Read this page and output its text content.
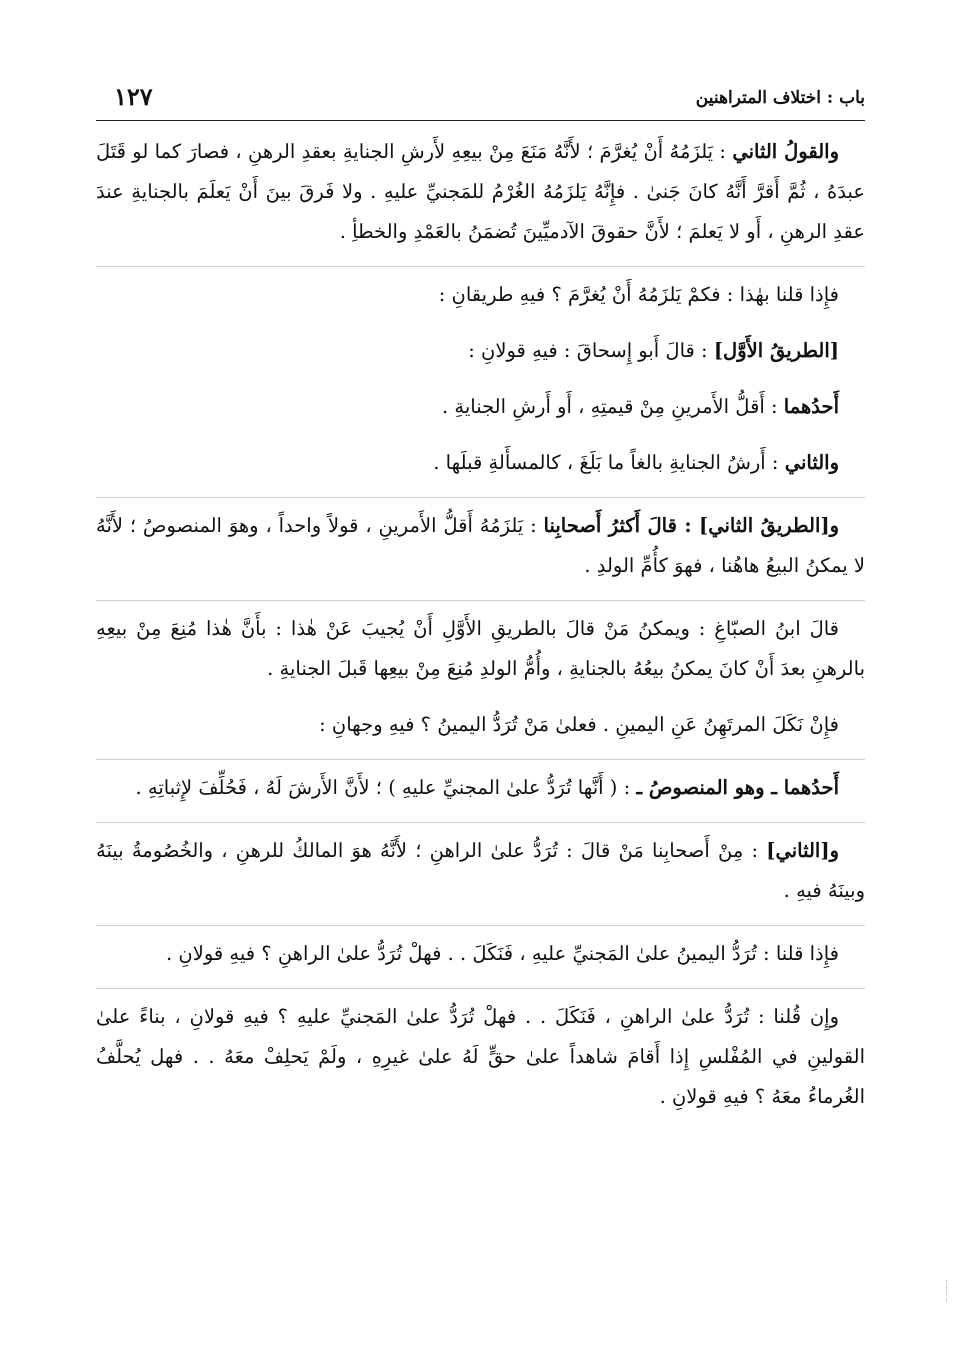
باب : اختلاف المتراهنين
١٢٧

والقولُ الثاني : يَلزَمُهُ أَنْ يُغرَّمَ ؛ لأَنَّهُ مَنَعَ مِنْ بيعِهِ لأَرشِ الجنايةِ بعقدِ الرهنِ ، فصارَ كما لو قَتَلَ عبدَهُ ، ثُمَّ أَقرَّ أَنَّهُ كانَ جَنىٰ . فإِنَّهُ يَلزَمُهُ الغُرْمُ للمَجنيِّ عليهِ . ولا فَرقَ بينَ أَنْ يَعلَمَ بالجنايةِ عندَ عقدِ الرهنِ ، أَو لا يَعلمَ ؛ لأَنَّ حقوقَ الآدميِّينَ تُضمَنُ بالعَمْدِ والخطأِ .

فإِذا قلنا بهٰذا : فكمْ يَلزَمُهُ أَنْ يُغرَّمَ ؟ فيهِ طريقانِ :

[الطريقُ الأَوَّل] : قالَ أَبو إِسحاقَ : فيهِ قولانِ :

أَحدُهما : أَقلُّ الأَمرينِ مِنْ قيمتِهِ ، أَو أَرشِ الجنايةِ .

والثاني : أَرشُ الجنايةِ بالغاً ما بَلَغَ ، كالمسأَلةِ قبلَها .

و[الطريقُ الثاني] : قالَ أَكثرُ أَصحابِنا : يَلزَمُهُ أَقلُّ الأَمرينِ ، قولاً واحداً ، وهوَ المنصوصُ ؛ لأَنَّهُ لا يمكنُ البيعُ هاهُنا ، فهوَ كأُمِّ الولدِ .

قالَ ابنُ الصبّاغِ : ويمكنُ مَنْ قالَ بالطريقِ الأَوَّلِ أَنْ يُجيبَ عَنْ هٰذا : بأَنَّ هٰذا مُنِعَ مِنْ بيعِهِ بالرهنِ بعدَ أَنْ كانَ يمكنُ بيعُهُ بالجنايةِ ، وأُمُّ الولدِ مُنِعَ مِنْ بيعِها قَبلَ الجنايةِ .

فإِنْ نَكَلَ المرتَهِنُ عَنِ اليمينِ . فعلىٰ مَنْ تُرَدُّ اليمينُ ؟ فيهِ وجهانِ :

أَحدُهما ـ وهو المنصوصُ ـ : ( أَنَّها تُرَدُّ علىٰ المجنيِّ عليهِ ) ؛ لأَنَّ الأَرشَ لَهُ ، فَحُلِّفَ لإِثباتِهِ .

و[الثاني] : مِنْ أَصحابِنا مَنْ قالَ : تُرَدُّ علىٰ الراهنِ ؛ لأَنَّهُ هوَ المالكُ للرهنِ ، والخُصُومةُ بينَهُ وبينَهُ فيهِ .

فإِذا قلنا : تُرَدُّ اليمينُ علىٰ المَجنيِّ عليهِ ، فَنَكَلَ . . فهلْ تُرَدُّ علىٰ الراهنِ ؟ فيهِ قولانِ .

وإِن قُلنا : تُرَدُّ علىٰ الراهنِ ، فَنَكَلَ . . فهلْ تُرَدُّ علىٰ المَجنيِّ عليهِ ؟ فيهِ قولانِ ، بناءً علىٰ القولينِ في المُفْلسِ إِذا أَقامَ شاهداً علىٰ حقٍّ لَهُ علىٰ غيرِهِ ، ولَمْ يَحلِفْ معَهُ . . فهل يُحلَّفُ الغُرماءُ معَهُ ؟ فيهِ قولانِ .
